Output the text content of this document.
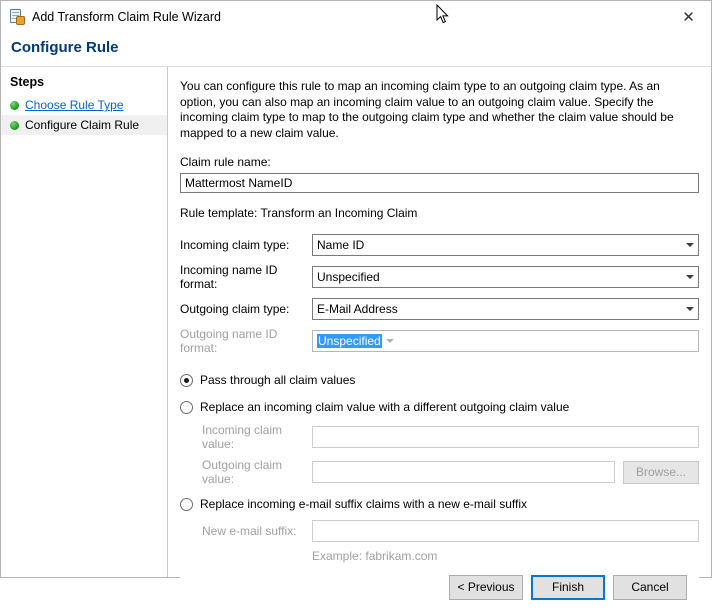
Add Transform Claim Rule Wizard	✕
Configure Rule
Steps
Choose Rule Type
Configure Claim Rule
You can configure this rule to map an incoming claim type to an outgoing claim type. As an option, you can also map an incoming claim value to an outgoing claim value. Specify the incoming claim type to map to the outgoing claim type and whether the claim value should be mapped to a new claim value.
Claim rule name:
Mattermost NameID
Rule template: Transform an Incoming Claim
Incoming claim type:	Name ID
Incoming name ID format:	Unspecified
Outgoing claim type:	E-Mail Address
Outgoing name ID format:	Unspecified
Pass through all claim values
Replace an incoming claim value with a different outgoing claim value
Incoming claim value:
Outgoing claim value:	Browse...
Replace incoming e-mail suffix claims with a new e-mail suffix
New e-mail suffix:
Example: fabrikam.com
< Previous	Finish	Cancel
